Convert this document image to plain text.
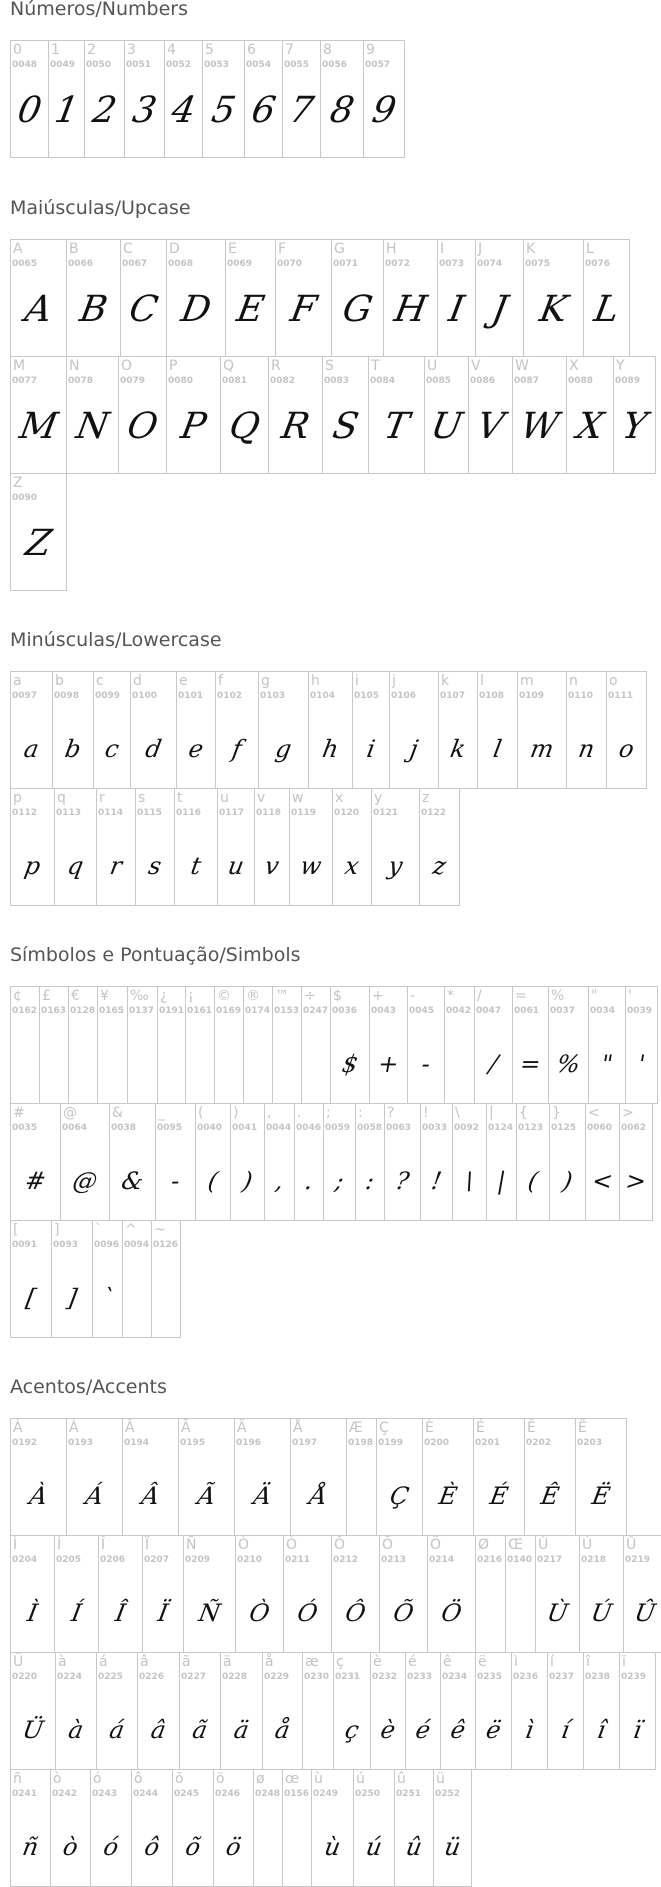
Números/Numbers
0
0048
0
1
0049
1
2
0050
2
3
0051
3
4
0052
4
5
0053
5
6
0054
6
7
0055
7
8
0056
8
9
0057
9
Maiúsculas/Upcase
A
0065
A
B
0066
B
C
0067
C
D
0068
D
E
0069
E
F
0070
F
G
0071
G
H
0072
H
I
0073
I
J
0074
J
K
0075
K
L
0076
L
M
0077
M
N
0078
N
O
0079
O
P
0080
P
Q
0081
Q
R
0082
R
S
0083
S
T
0084
T
U
0085
U
V
0086
V
W
0087
W
X
0088
X
Y
0089
Y
Z
0090
Z
Minúsculas/Lowercase
a
0097
a
b
0098
b
c
0099
c
d
0100
d
e
0101
e
f
0102
f
g
0103
g
h
0104
h
i
0105
i
j
0106
j
k
0107
k
l
0108
l
m
0109
m
n
0110
n
o
0111
o
p
0112
p
q
0113
q
r
0114
r
s
0115
s
t
0116
t
u
0117
u
v
0118
v
w
0119
w
x
0120
x
y
0121
y
z
0122
z
Símbolos e Pontuação/Simbols
¢
0162
£
0163
€
0128
¥
0165
‰
0137
¿
0191
¡
0161
©
0169
®
0174
™
0153
÷
0247
$
0036
$
+
0043
+
-
0045
-
*
0042
/
0047
/
=
0061
=
%
0037
%
"
0034
"
'
0039
'
#
0035
#
@
0064
@
&
0038
&
_
0095
-
(
0040
(
)
0041
)
,
0044
,
.
0046
.
;
0059
;
:
0058
:
?
0063
?
!
0033
!
\
0092
\
|
0124
|
{
0123
(
}
0125
)
<
0060
<
>
0062
>
[
0091
[
]
0093
]
`
0096
`
^
0094
~
0126
Acentos/Accents
À
0192
À
Á
0193
Á
Â
0194
Â
Ã
0195
Ã
Ä
0196
Ä
Å
0197
Å
Æ
0198
Ç
0199
Ç
È
0200
È
É
0201
É
Ê
0202
Ê
Ë
0203
Ë
Ì
0204
Ì
Í
0205
Í
Î
0206
Î
Ï
0207
Ï
Ñ
0209
Ñ
Ò
0210
Ò
Ó
0211
Ó
Ô
0212
Ô
Õ
0213
Õ
Ö
0214
Ö
Ø
0216
Œ
0140
Ù
0217
Ù
Ú
0218
Ú
Û
0219
Û
Ü
0220
Ü
à
0224
à
á
0225
á
â
0226
â
ã
0227
ã
ä
0228
ä
å
0229
å
æ
0230
ç
0231
ç
è
0232
è
é
0233
é
ê
0234
ê
ë
0235
ë
ì
0236
ì
í
0237
í
î
0238
î
ï
0239
ï
ñ
0241
ñ
ò
0242
ò
ó
0243
ó
ô
0244
ô
õ
0245
õ
ö
0246
ö
ø
0248
œ
0156
ù
0249
ù
ú
0250
ú
û
0251
û
ü
0252
ü
